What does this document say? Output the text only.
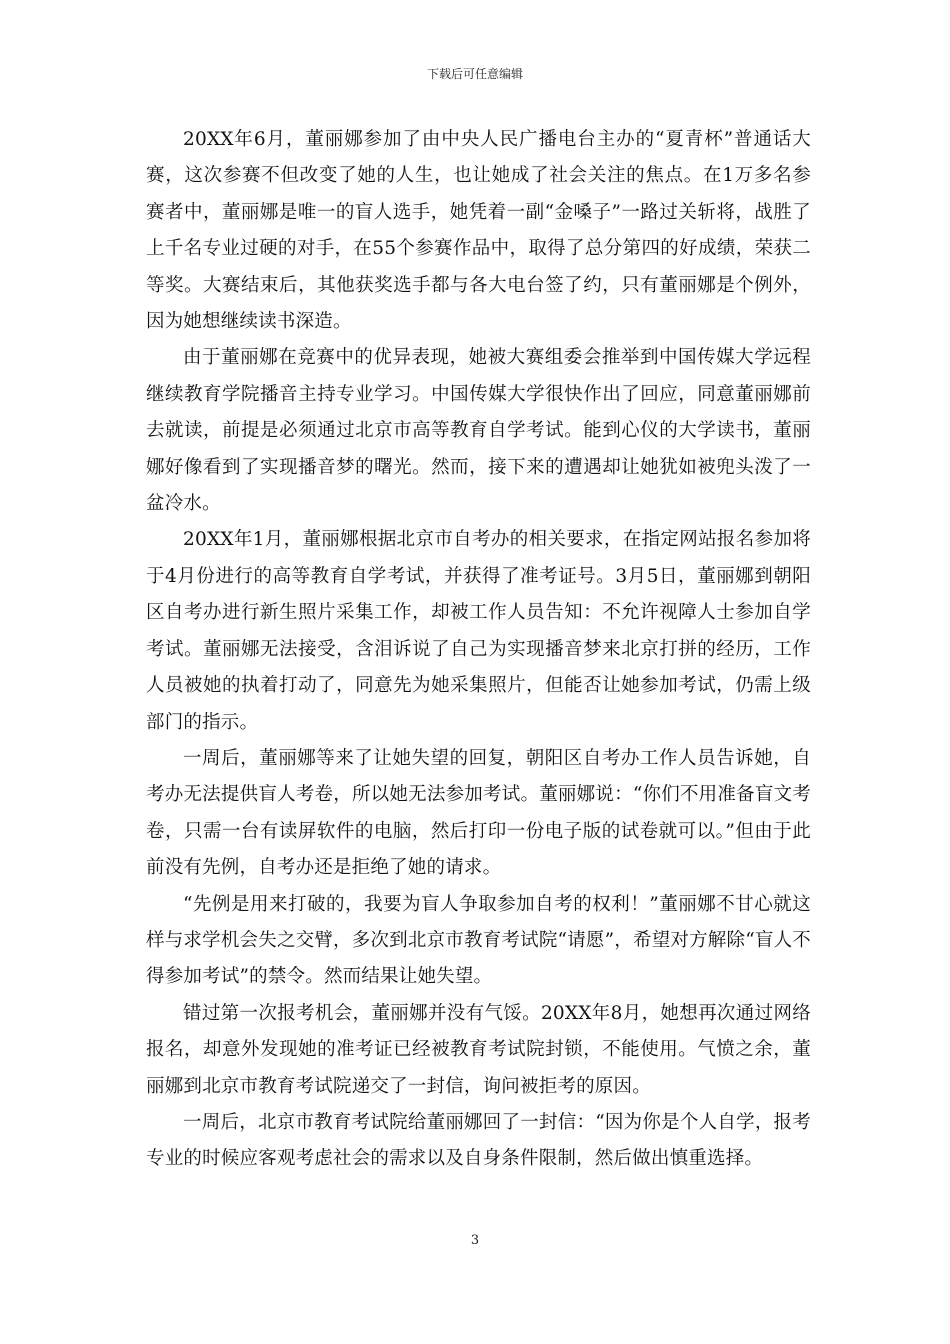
下载后可任意编辑

20XX年6月，董丽娜参加了由中央人民广播电台主办的“夏青杯”普通话大赛，这次参赛不但改变了她的人生，也让她成了社会关注的焦点。在1万多名参赛者中，董丽娜是唯一的盲人选手，她凭着一副“金嗓子”一路过关斩将，战胜了上千名专业过硬的对手，在55个参赛作品中，取得了总分第四的好成绩，荣获二等奖。大赛结束后，其他获奖选手都与各大电台签了约，只有董丽娜是个例外，因为她想继续读书深造。

由于董丽娜在竞赛中的优异表现，她被大赛组委会推举到中国传媒大学远程继续教育学院播音主持专业学习。中国传媒大学很快作出了回应，同意董丽娜前去就读，前提是必须通过北京市高等教育自学考试。能到心仪的大学读书，董丽娜好像看到了实现播音梦的曙光。然而，接下来的遭遇却让她犹如被兜头泼了一盆冷水。

20XX年1月，董丽娜根据北京市自考办的相关要求，在指定网站报名参加将于4月份进行的高等教育自学考试，并获得了准考证号。3月5日，董丽娜到朝阳区自考办进行新生照片采集工作，却被工作人员告知：不允许视障人士参加自学考试。董丽娜无法接受，含泪诉说了自己为实现播音梦来北京打拼的经历，工作人员被她的执着打动了，同意先为她采集照片，但能否让她参加考试，仍需上级部门的指示。

一周后，董丽娜等来了让她失望的回复，朝阳区自考办工作人员告诉她，自考办无法提供盲人考卷，所以她无法参加考试。董丽娜说：“你们不用准备盲文考卷，只需一台有读屏软件的电脑，然后打印一份电子版的试卷就可以。”但由于此前没有先例，自考办还是拒绝了她的请求。

“先例是用来打破的，我要为盲人争取参加自考的权利！”董丽娜不甘心就这样与求学机会失之交臂，多次到北京市教育考试院“请愿”，希望对方解除“盲人不得参加考试”的禁令。然而结果让她失望。

错过第一次报考机会，董丽娜并没有气馁。20XX年8月，她想再次通过网络报名，却意外发现她的准考证已经被教育考试院封锁，不能使用。气愤之余，董丽娜到北京市教育考试院递交了一封信，询问被拒考的原因。

一周后，北京市教育考试院给董丽娜回了一封信：“因为你是个人自学，报考专业的时候应客观考虑社会的需求以及自身条件限制，然后做出慎重选择。

3
